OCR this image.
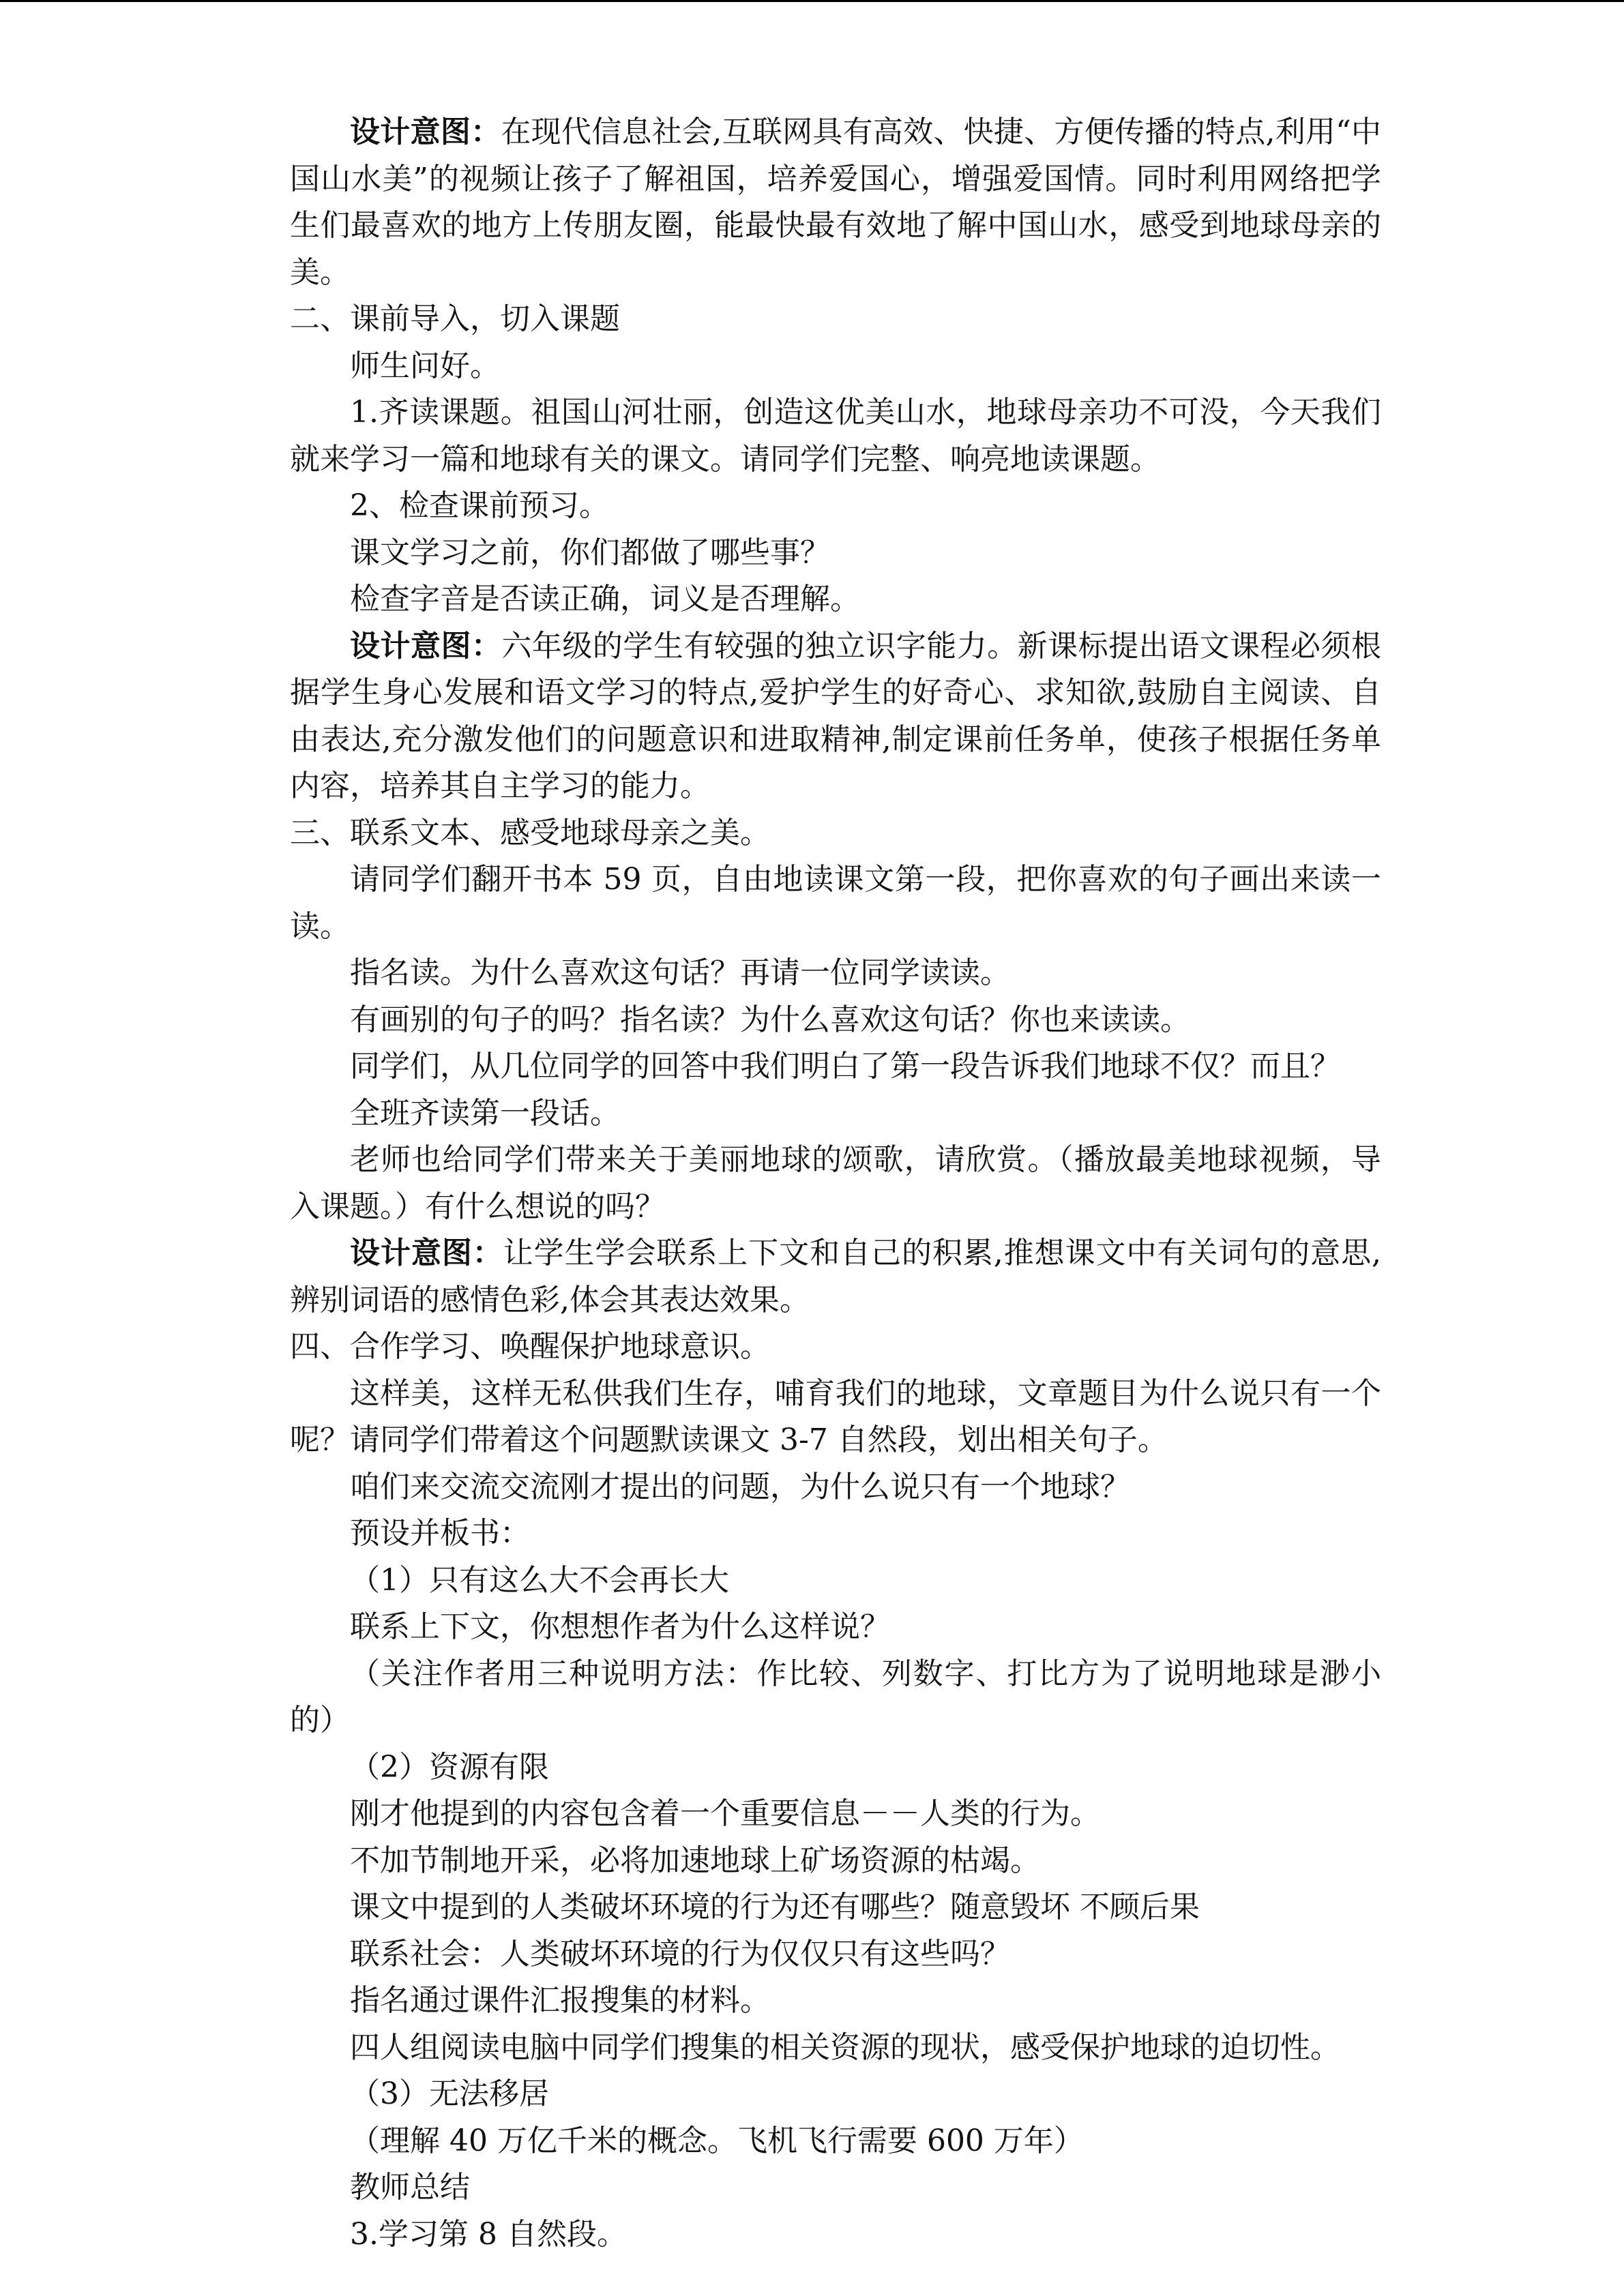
设计意图：在现代信息社会,互联网具有高效、快捷、方便传播的特点,利用“中国山水美”的视频让孩子了解祖国，培养爱国心，增强爱国情。同时利用网络把学生们最喜欢的地方上传朋友圈，能最快最有效地了解中国山水，感受到地球母亲的美。

二、课前导入，切入课题

师生问好。

1.齐读课题。祖国山河壮丽，创造这优美山水，地球母亲功不可没，今天我们就来学习一篇和地球有关的课文。请同学们完整、响亮地读课题。

2、检查课前预习。

课文学习之前，你们都做了哪些事？

检查字音是否读正确，词义是否理解。

设计意图：六年级的学生有较强的独立识字能力。新课标提出语文课程必须根据学生身心发展和语文学习的特点,爱护学生的好奇心、求知欲,鼓励自主阅读、自由表达,充分激发他们的问题意识和进取精神,制定课前任务单，使孩子根据任务单内容，培养其自主学习的能力。

三、联系文本、感受地球母亲之美。

请同学们翻开书本 59 页，自由地读课文第一段，把你喜欢的句子画出来读一读。

指名读。为什么喜欢这句话？再请一位同学读读。

有画别的句子的吗？指名读？为什么喜欢这句话？你也来读读。

同学们，从几位同学的回答中我们明白了第一段告诉我们地球不仅？而且？

全班齐读第一段话。

老师也给同学们带来关于美丽地球的颂歌，请欣赏。（播放最美地球视频，导入课题。）有什么想说的吗？

设计意图：让学生学会联系上下文和自己的积累,推想课文中有关词句的意思,辨别词语的感情色彩,体会其表达效果。

四、合作学习、唤醒保护地球意识。

这样美，这样无私供我们生存，哺育我们的地球，文章题目为什么说只有一个呢？请同学们带着这个问题默读课文 3-7 自然段，划出相关句子。

咱们来交流交流刚才提出的问题，为什么说只有一个地球？

预设并板书：

（1）只有这么大不会再长大

联系上下文，你想想作者为什么这样说？

（关注作者用三种说明方法：作比较、列数字、打比方为了说明地球是渺小的）

（2）资源有限

刚才他提到的内容包含着一个重要信息－－人类的行为。

不加节制地开采，必将加速地球上矿场资源的枯竭。

课文中提到的人类破坏环境的行为还有哪些？随意毁坏 不顾后果

联系社会：人类破坏环境的行为仅仅只有这些吗？

指名通过课件汇报搜集的材料。

四人组阅读电脑中同学们搜集的相关资源的现状，感受保护地球的迫切性。

（3）无法移居

（理解 40 万亿千米的概念。飞机飞行需要 600 万年）

教师总结

3.学习第 8 自然段。
